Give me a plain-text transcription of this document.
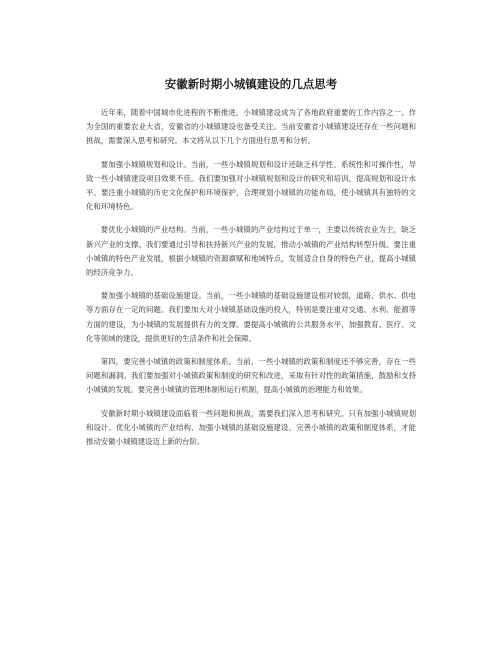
安徽新时期小城镇建设的几点思考

近年来，随着中国城市化进程的不断推进，小城镇建设成为了各地政府重要的工作内容之一。作为全国的重要农业大省，安徽省的小城镇建设也备受关注。当前安徽省小城镇建设还存在一些问题和挑战，需要深入思考和研究。本文将从以下几个方面进行思考和分析。

要加强小城镇规划和设计。当前，一些小城镇规划和设计还缺乏科学性、系统性和可操作性，导致一些小城镇建设项目效果不佳。我们要加强对小城镇规划和设计的研究和培训，提高规划和设计水平。要注重小城镇的历史文化保护和环境保护，合理规划小城镇的功能布局，使小城镇具有独特的文化和环境特色。

要优化小城镇的产业结构。当前，一些小城镇的产业结构过于单一，主要以传统农业为主，缺乏新兴产业的支撑。我们要通过引导和扶持新兴产业的发展，推动小城镇的产业结构转型升级。要注重小城镇的特色产业发展，根据小城镇的资源禀赋和地域特点，发展适合自身的特色产业，提高小城镇的经济竞争力。

要加强小城镇的基础设施建设。当前，一些小城镇的基础设施建设相对较弱，道路、供水、供电等方面存在一定的问题。我们要加大对小城镇基础设施的投入，特别是要注重对交通、水利、能源等方面的建设，为小城镇的发展提供有力的支撑。要提高小城镇的公共服务水平，加强教育、医疗、文化等领域的建设，提供更好的生活条件和社会保障。

第四，要完善小城镇的政策和制度体系。当前，一些小城镇的政策和制度还不够完善，存在一些问题和漏洞。我们要加强对小城镇政策和制度的研究和改进，采取有针对性的政策措施，鼓励和支持小城镇的发展。要完善小城镇的管理体制和运行机制，提高小城镇的治理能力和效果。

安徽新时期小城镇建设面临着一些问题和挑战，需要我们深入思考和研究。只有加强小城镇规划和设计、优化小城镇的产业结构、加强小城镇的基础设施建设、完善小城镇的政策和制度体系，才能推动安徽小城镇建设迈上新的台阶。
